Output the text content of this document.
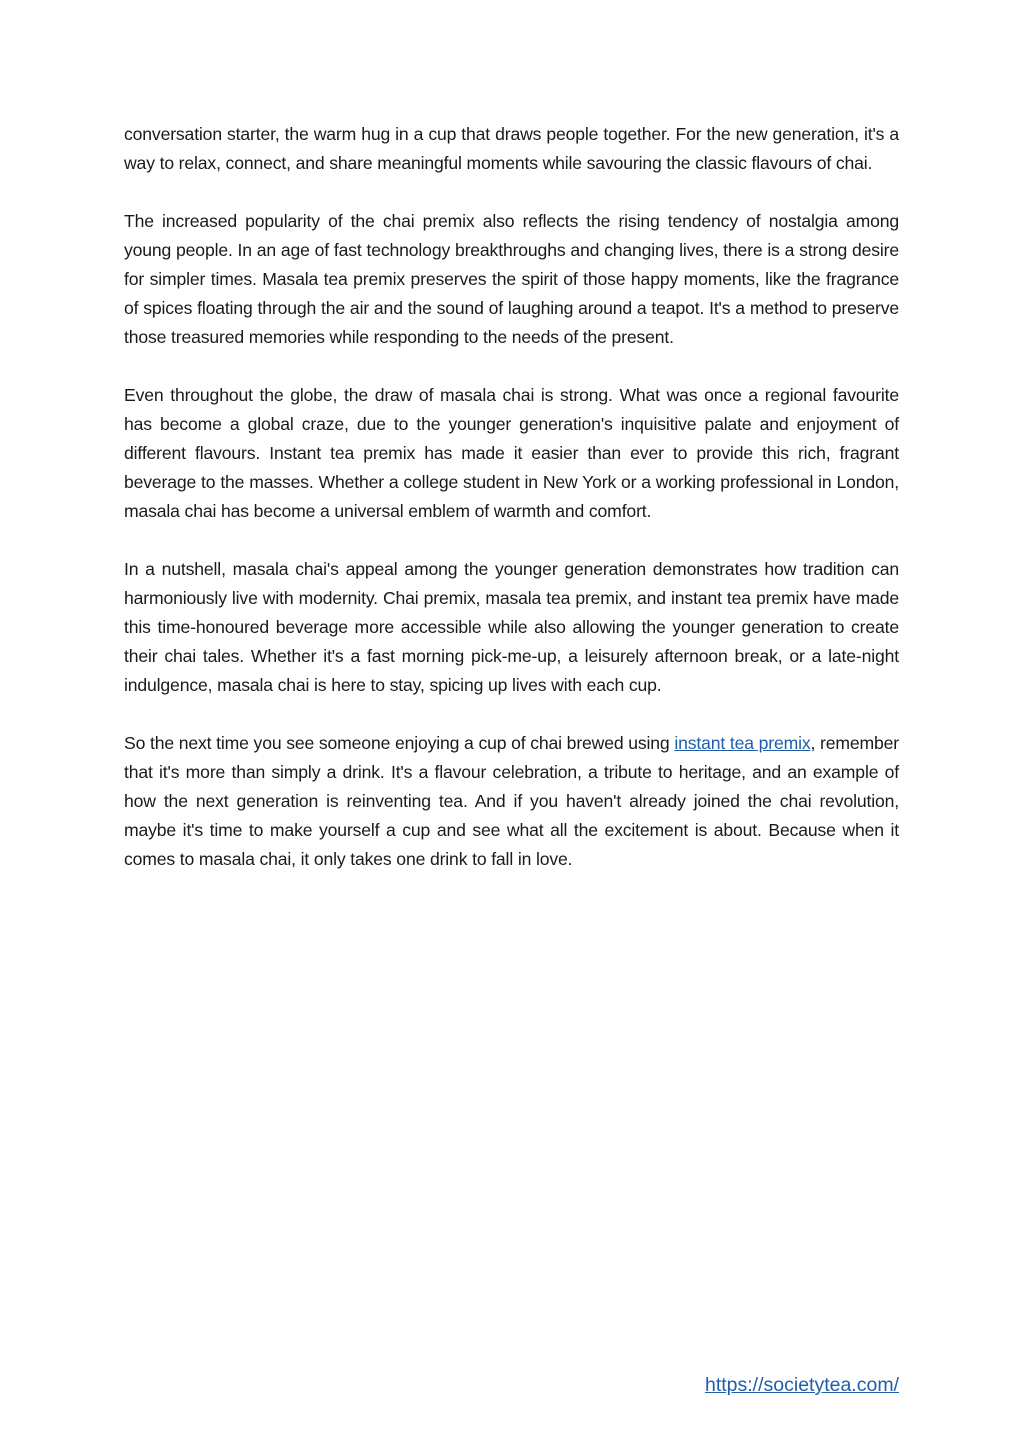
conversation starter, the warm hug in a cup that draws people together. For the new generation, it's a way to relax, connect, and share meaningful moments while savouring the classic flavours of chai.

The increased popularity of the chai premix also reflects the rising tendency of nostalgia among young people. In an age of fast technology breakthroughs and changing lives, there is a strong desire for simpler times. Masala tea premix preserves the spirit of those happy moments, like the fragrance of spices floating through the air and the sound of laughing around a teapot. It's a method to preserve those treasured memories while responding to the needs of the present.

Even throughout the globe, the draw of masala chai is strong. What was once a regional favourite has become a global craze, due to the younger generation's inquisitive palate and enjoyment of different flavours. Instant tea premix has made it easier than ever to provide this rich, fragrant beverage to the masses. Whether a college student in New York or a working professional in London, masala chai has become a universal emblem of warmth and comfort.

In a nutshell, masala chai's appeal among the younger generation demonstrates how tradition can harmoniously live with modernity. Chai premix, masala tea premix, and instant tea premix have made this time-honoured beverage more accessible while also allowing the younger generation to create their chai tales. Whether it's a fast morning pick-me-up, a leisurely afternoon break, or a late-night indulgence, masala chai is here to stay, spicing up lives with each cup.

So the next time you see someone enjoying a cup of chai brewed using instant tea premix, remember that it's more than simply a drink. It's a flavour celebration, a tribute to heritage, and an example of how the next generation is reinventing tea. And if you haven't already joined the chai revolution, maybe it's time to make yourself a cup and see what all the excitement is about. Because when it comes to masala chai, it only takes one drink to fall in love.

https://societytea.com/
